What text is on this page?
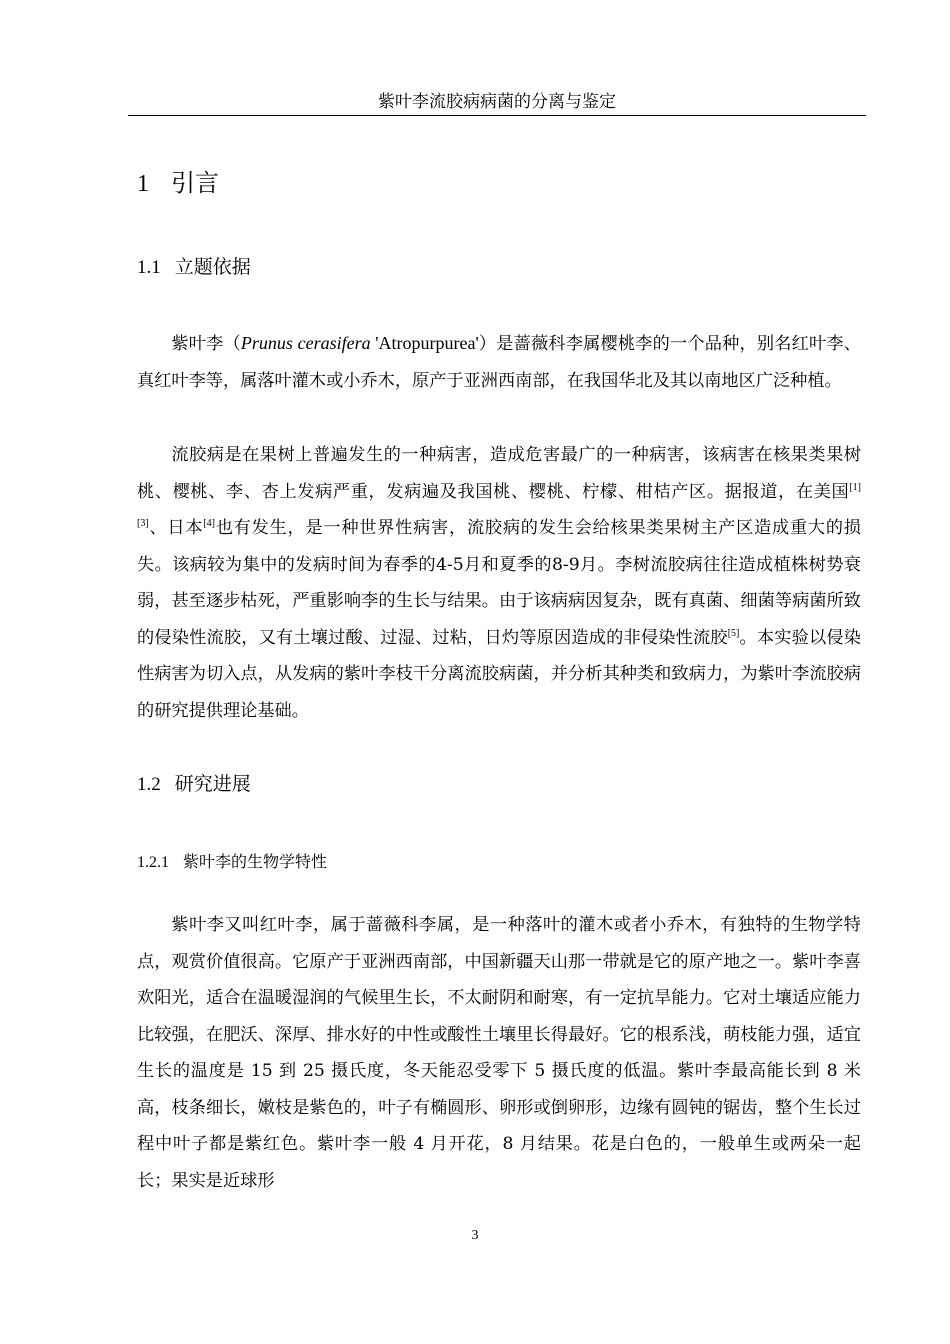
紫叶李流胶病病菌的分离与鉴定
1 引言
1.1 立题依据

紫叶李（Prunus cerasifera 'Atropurpurea'）是蔷薇科李属樱桃李的一个品种，别名红叶李、真红叶李等，属落叶灌木或小乔木，原产于亚洲西南部，在我国华北及其以南地区广泛种植。

流胶病是在果树上普遍发生的一种病害，造成危害最广的一种病害，该病害在核果类果树桃、樱桃、李、杏上发病严重，发病遍及我国桃、樱桃、柠檬、柑桔产区。据报道，在美国[1][3]、日本[4]也有发生，是一种世界性病害，流胶病的发生会给核果类果树主产区造成重大的损失。该病较为集中的发病时间为春季的4-5月和夏季的8-9月。李树流胶病往往造成植株树势衰弱，甚至逐步枯死，严重影响李的生长与结果。由于该病病因复杂，既有真菌、细菌等病菌所致的侵染性流胶，又有土壤过酸、过湿、过粘，日灼等原因造成的非侵染性流胶[5]。本实验以侵染性病害为切入点，从发病的紫叶李枝干分离流胶病菌，并分析其种类和致病力，为紫叶李流胶病的研究提供理论基础。

1.2 研究进展
1.2.1 紫叶李的生物学特性

紫叶李又叫红叶李，属于蔷薇科李属，是一种落叶的灌木或者小乔木，有独特的生物学特点，观赏价值很高。它原产于亚洲西南部，中国新疆天山那一带就是它的原产地之一。紫叶李喜欢阳光，适合在温暖湿润的气候里生长，不太耐阴和耐寒，有一定抗旱能力。它对土壤适应能力比较强，在肥沃、深厚、排水好的中性或酸性土壤里长得最好。它的根系浅，萌枝能力强，适宜生长的温度是 15 到 25 摄氏度，冬天能忍受零下 5 摄氏度的低温。紫叶李最高能长到 8 米高，枝条细长，嫩枝是紫色的，叶子有椭圆形、卵形或倒卵形，边缘有圆钝的锯齿，整个生长过程中叶子都是紫红色。紫叶李一般 4 月开花，8 月结果。花是白色的，一般单生或两朵一起长；果实是近球形

3
